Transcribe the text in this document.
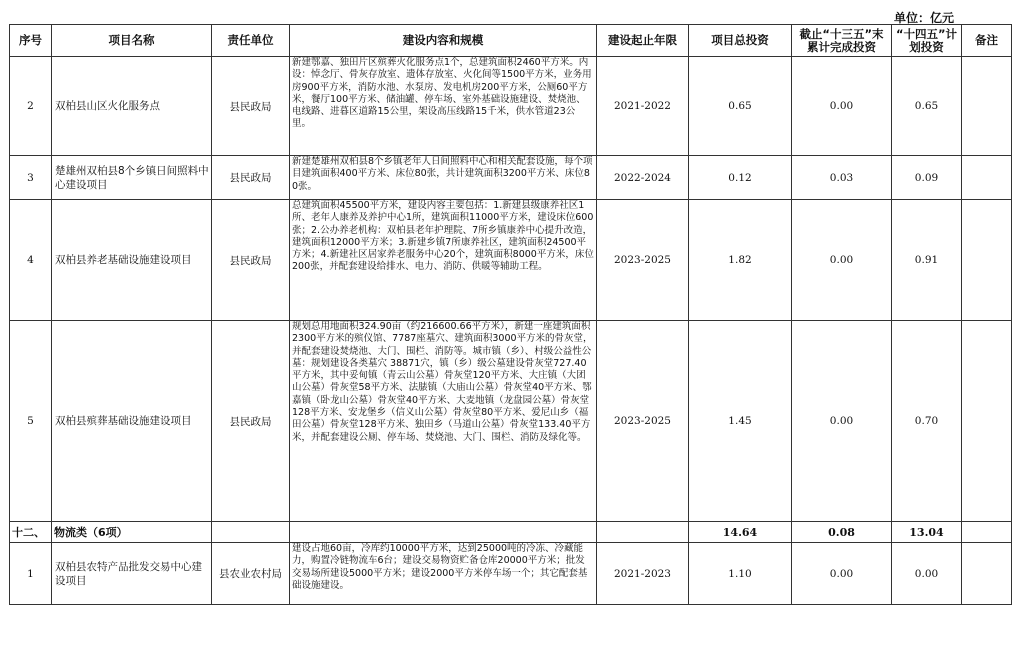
单位：亿元
序号	项目名称	责任单位	建设内容和规模	建设起止年限	项目总投资	截止“十三五”末累计完成投资	“十四五”计划投资	备注
2	双柏县山区火化服务点	县民政局	新建鄂嘉、独田片区殡葬火化服务点1个，总建筑面积2460平方米。内设：悼念厅、骨灰存放室、遗体存放室、火化间等1500平方米，业务用房900平方米，消防水池、水泵房、发电机房200平方米，公厕60平方米，餐厅100平方米、储油罐、停车场、室外基础设施建设、焚烧池、电线路、进暮区道路15公里，架设高压线路15千米，供水管道23公里。	2021-2022	0.65	0.00	0.65	
3	楚雄州双柏县8个乡镇日间照料中心建设项目	县民政局	新建楚雄州双柏县8个乡镇老年人日间照料中心和相关配套设施，每个项目建筑面积400平方米、床位80张，共计建筑面积3200平方米、床位80张。	2022-2024	0.12	0.03	0.09	
4	双柏县养老基础设施建设项目	县民政局	总建筑面积45500平方米，建设内容主要包括：1.新建县级康养社区1所、老年人康养及养护中心1所，建筑面积11000平方米，建设床位600张；2.公办养老机构：双柏县老年护理院、7所乡镇康养中心提升改造，建筑面积12000平方米；3.新建乡镇7所康养社区，建筑面积24500平方米；4.新建社区居家养老服务中心20个，建筑面积8000平方米，床位200张，并配套建设给排水、电力、消防、供暖等辅助工程。	2023-2025	1.82	0.00	0.91	
5	双柏县殡葬基础设施建设项目	县民政局	规划总用地面积324.90亩（约216600.66平方米），新建一座建筑面积2300平方米的殡仪馆、7787座墓穴、建筑面积3000平方米的骨灰堂，并配套建设焚烧池、大门、围栏、消防等。城市镇（乡）、村级公益性公墓：规划建设各类墓穴 38871穴，镇（乡）级公墓建设骨灰堂727.40平方米，其中妥甸镇（青云山公墓）骨灰堂120平方米、大庄镇（大团山公墓）骨灰堂58平方米、法脿镇（大庙山公墓）骨灰堂40平方米、鄂嘉镇（卧龙山公墓）骨灰堂40平方米、大麦地镇（龙盘园公墓）骨灰堂128平方米、安龙堡乡（信义山公墓）骨灰堂80平方米、爱尼山乡（福田公墓）骨灰堂128平方米、独田乡（马道山公墓）骨灰堂133.40平方米，并配套建设公厕、停车场、焚烧池、大门、围栏、消防及绿化等。	2023-2025	1.45	0.00	0.70	
十二、	物流类（6项）				14.64	0.08	13.04	
1	双柏县农特产品批发交易中心建设项目	县农业农村局	建设占地60亩，冷库约10000平方米，达到25000吨的冷冻、冷藏能力，购置冷链物流车6台；建设交易物资贮备仓库20000平方米；批发交易场所建设5000平方米；建设2000平方米停车场一个；其它配套基础设施建设。	2021-2023	1.10	0.00	0.00	
